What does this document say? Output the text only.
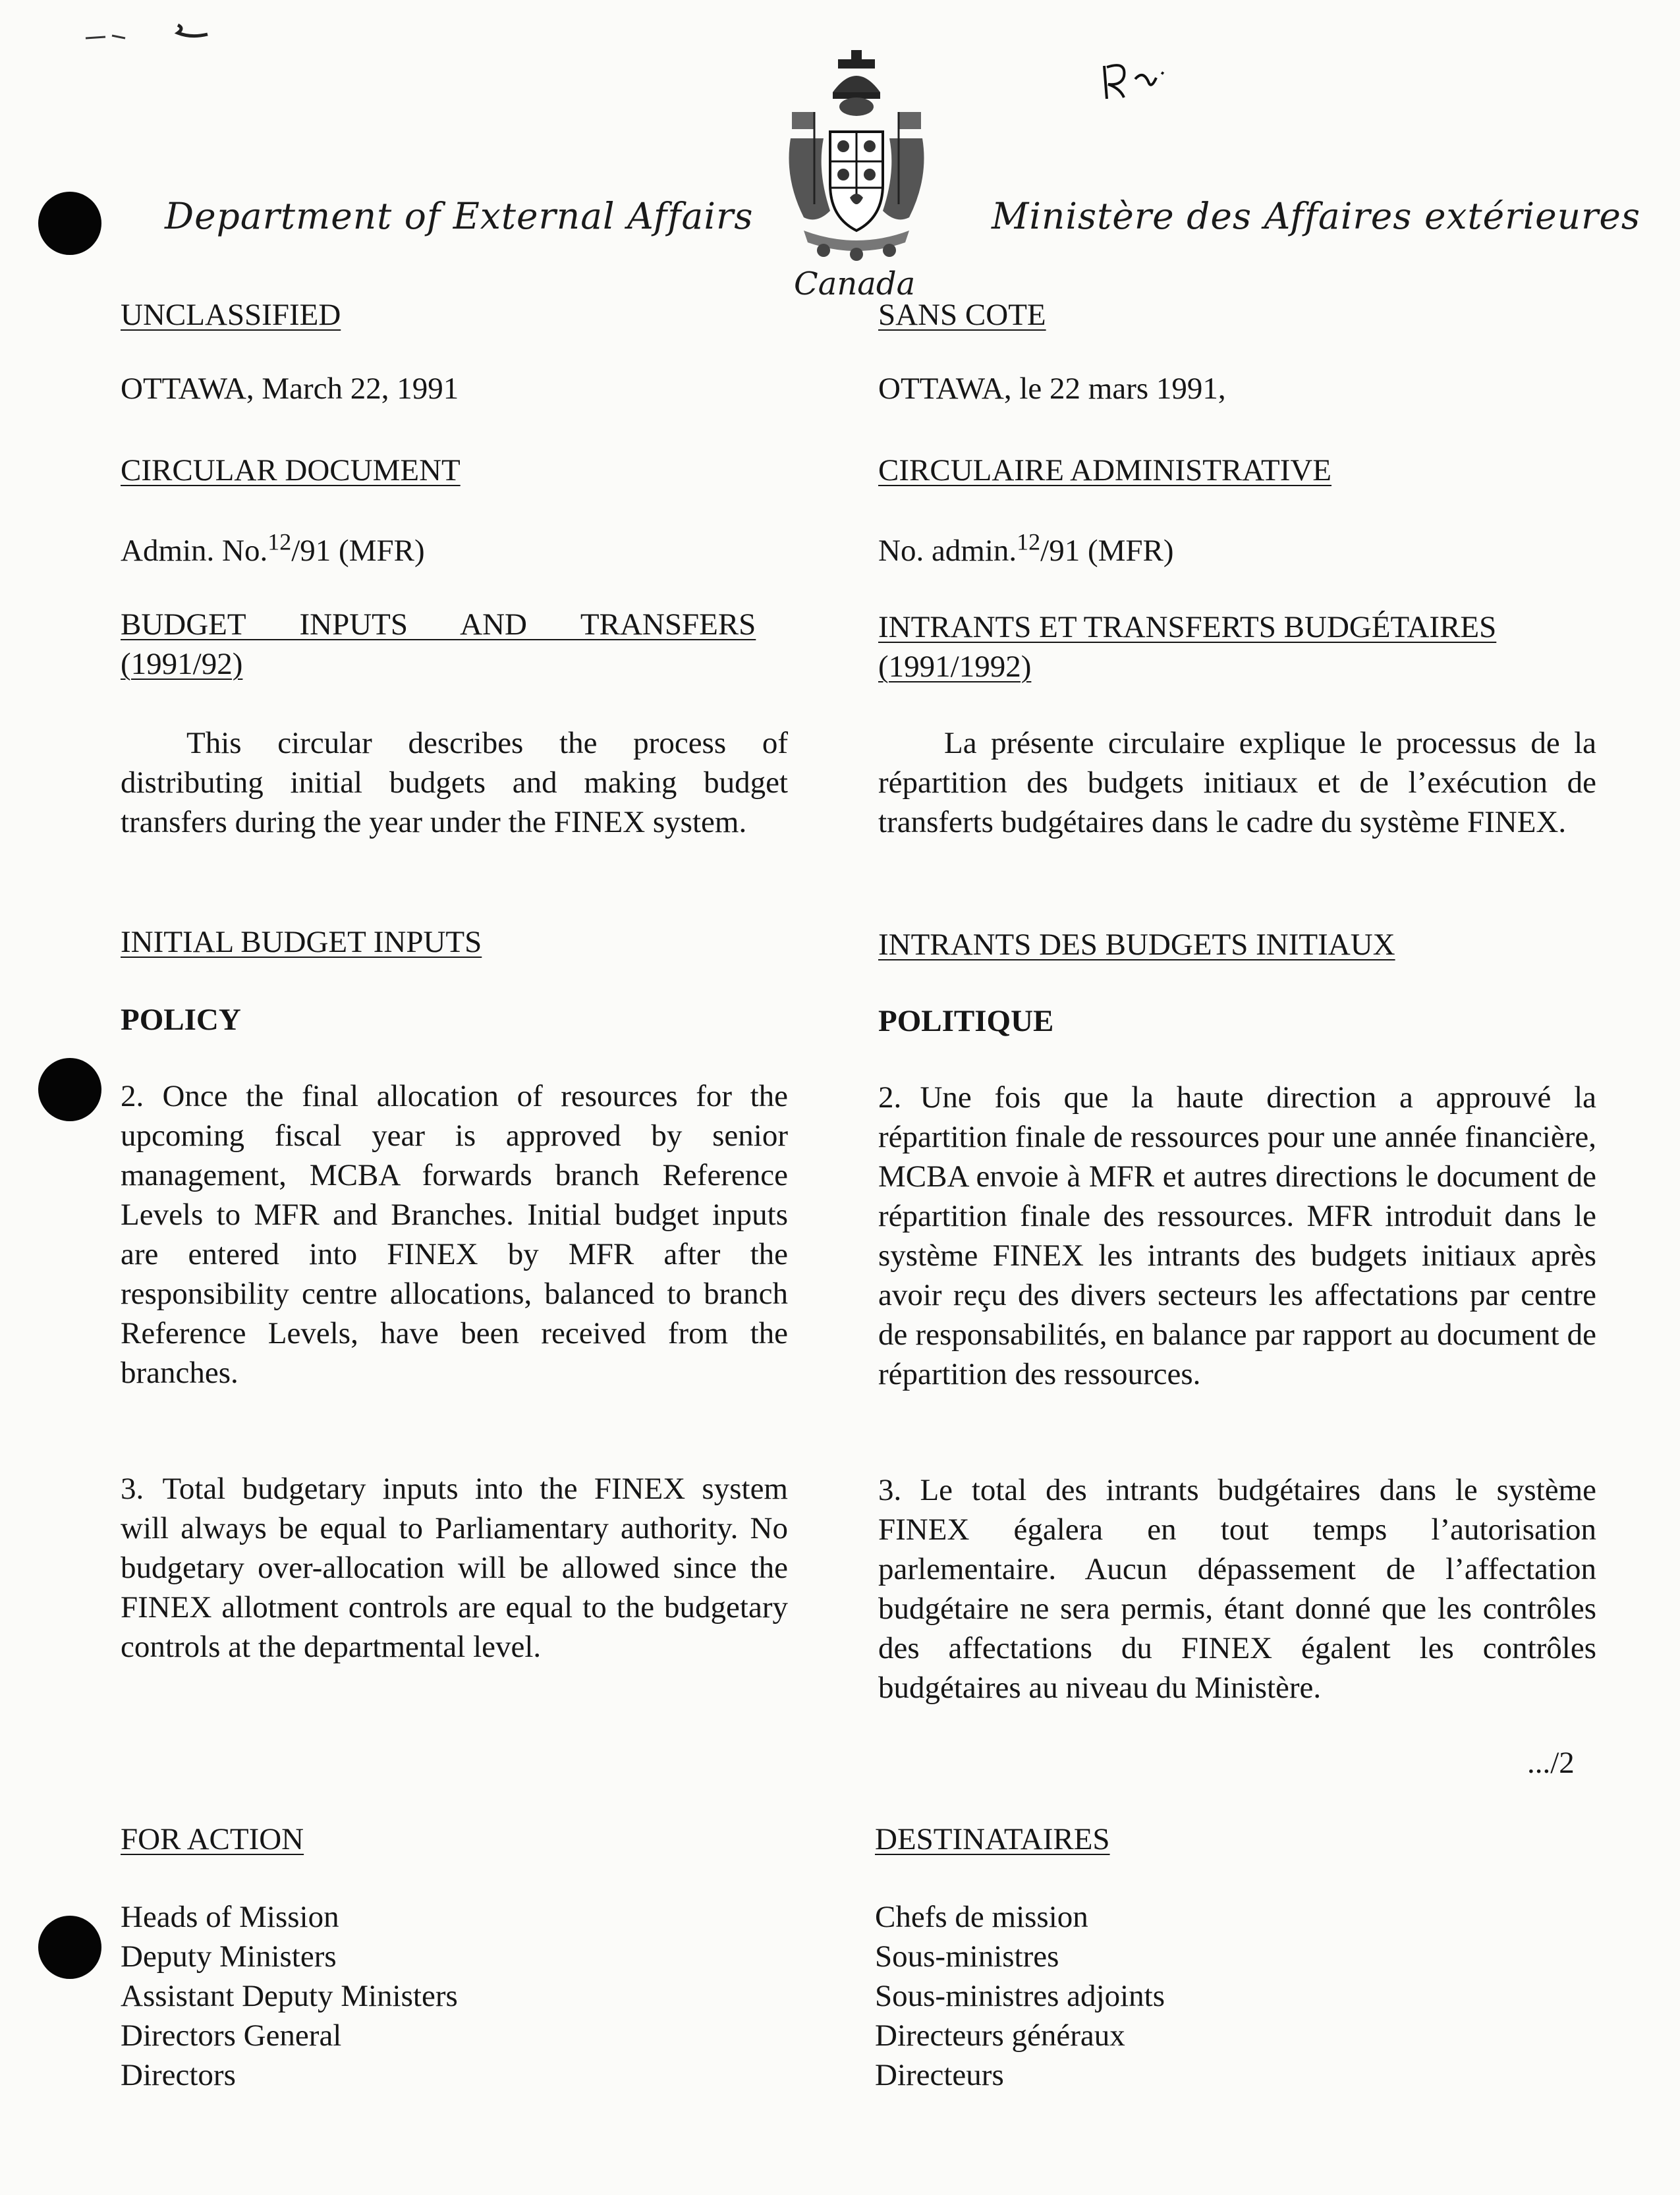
Department of External Affairs	Ministère des Affaires extérieures
Canada
UNCLASSIFIED
OTTAWA, March 22, 1991
CIRCULAR DOCUMENT
Admin. No.$^{12}$/91 (MFR)
BUDGET INPUTS AND TRANSFERS
(1991/92)
This circular describes the process of distributing initial budgets and making budget transfers during the year under the FINEX system.
INITIAL BUDGET INPUTS
POLICY
2. Once the final allocation of resources for the upcoming fiscal year is approved by senior management, MCBA forwards branch Reference Levels to MFR and Branches. Initial budget inputs are entered into FINEX by MFR after the responsibility centre allocations, balanced to branch Reference Levels, have been received from the branches.
3. Total budgetary inputs into the FINEX system will always be equal to Parliamentary authority. No budgetary over-allocation will be allowed since the FINEX allotment controls are equal to the budgetary controls at the departmental level.
FOR ACTION
Heads of Mission
Deputy Ministers
Assistant Deputy Ministers
Directors General
Directors
SANS COTE
OTTAWA, le 22 mars 1991,
CIRCULAIRE ADMINISTRATIVE
No. admin.$^{12}$/91 (MFR)
INTRANTS ET TRANSFERTS BUDGÉTAIRES
(1991/1992)
La présente circulaire explique le processus de la répartition des budgets initiaux et de l’exécution de transferts budgétaires dans le cadre du système FINEX.
INTRANTS DES BUDGETS INITIAUX
POLITIQUE
2. Une fois que la haute direction a approuvé la répartition finale de ressources pour une année financière, MCBA envoie à MFR et autres directions le document de répartition finale des ressources. MFR introduit dans le système FINEX les intrants des budgets initiaux après avoir reçu des divers secteurs les affectations par centre de responsabilités, en balance par rapport au document de répartition des ressources.
3. Le total des intrants budgétaires dans le système FINEX égalera en tout temps l’autorisation parlementaire. Aucun dépassement de l’affectation budgétaire ne sera permis, étant donné que les contrôles des affectations du FINEX égalent les contrôles budgétaires au niveau du Ministère.
.../2
DESTINATAIRES
Chefs de mission
Sous-ministres
Sous-ministres adjoints
Directeurs généraux
Directeurs
